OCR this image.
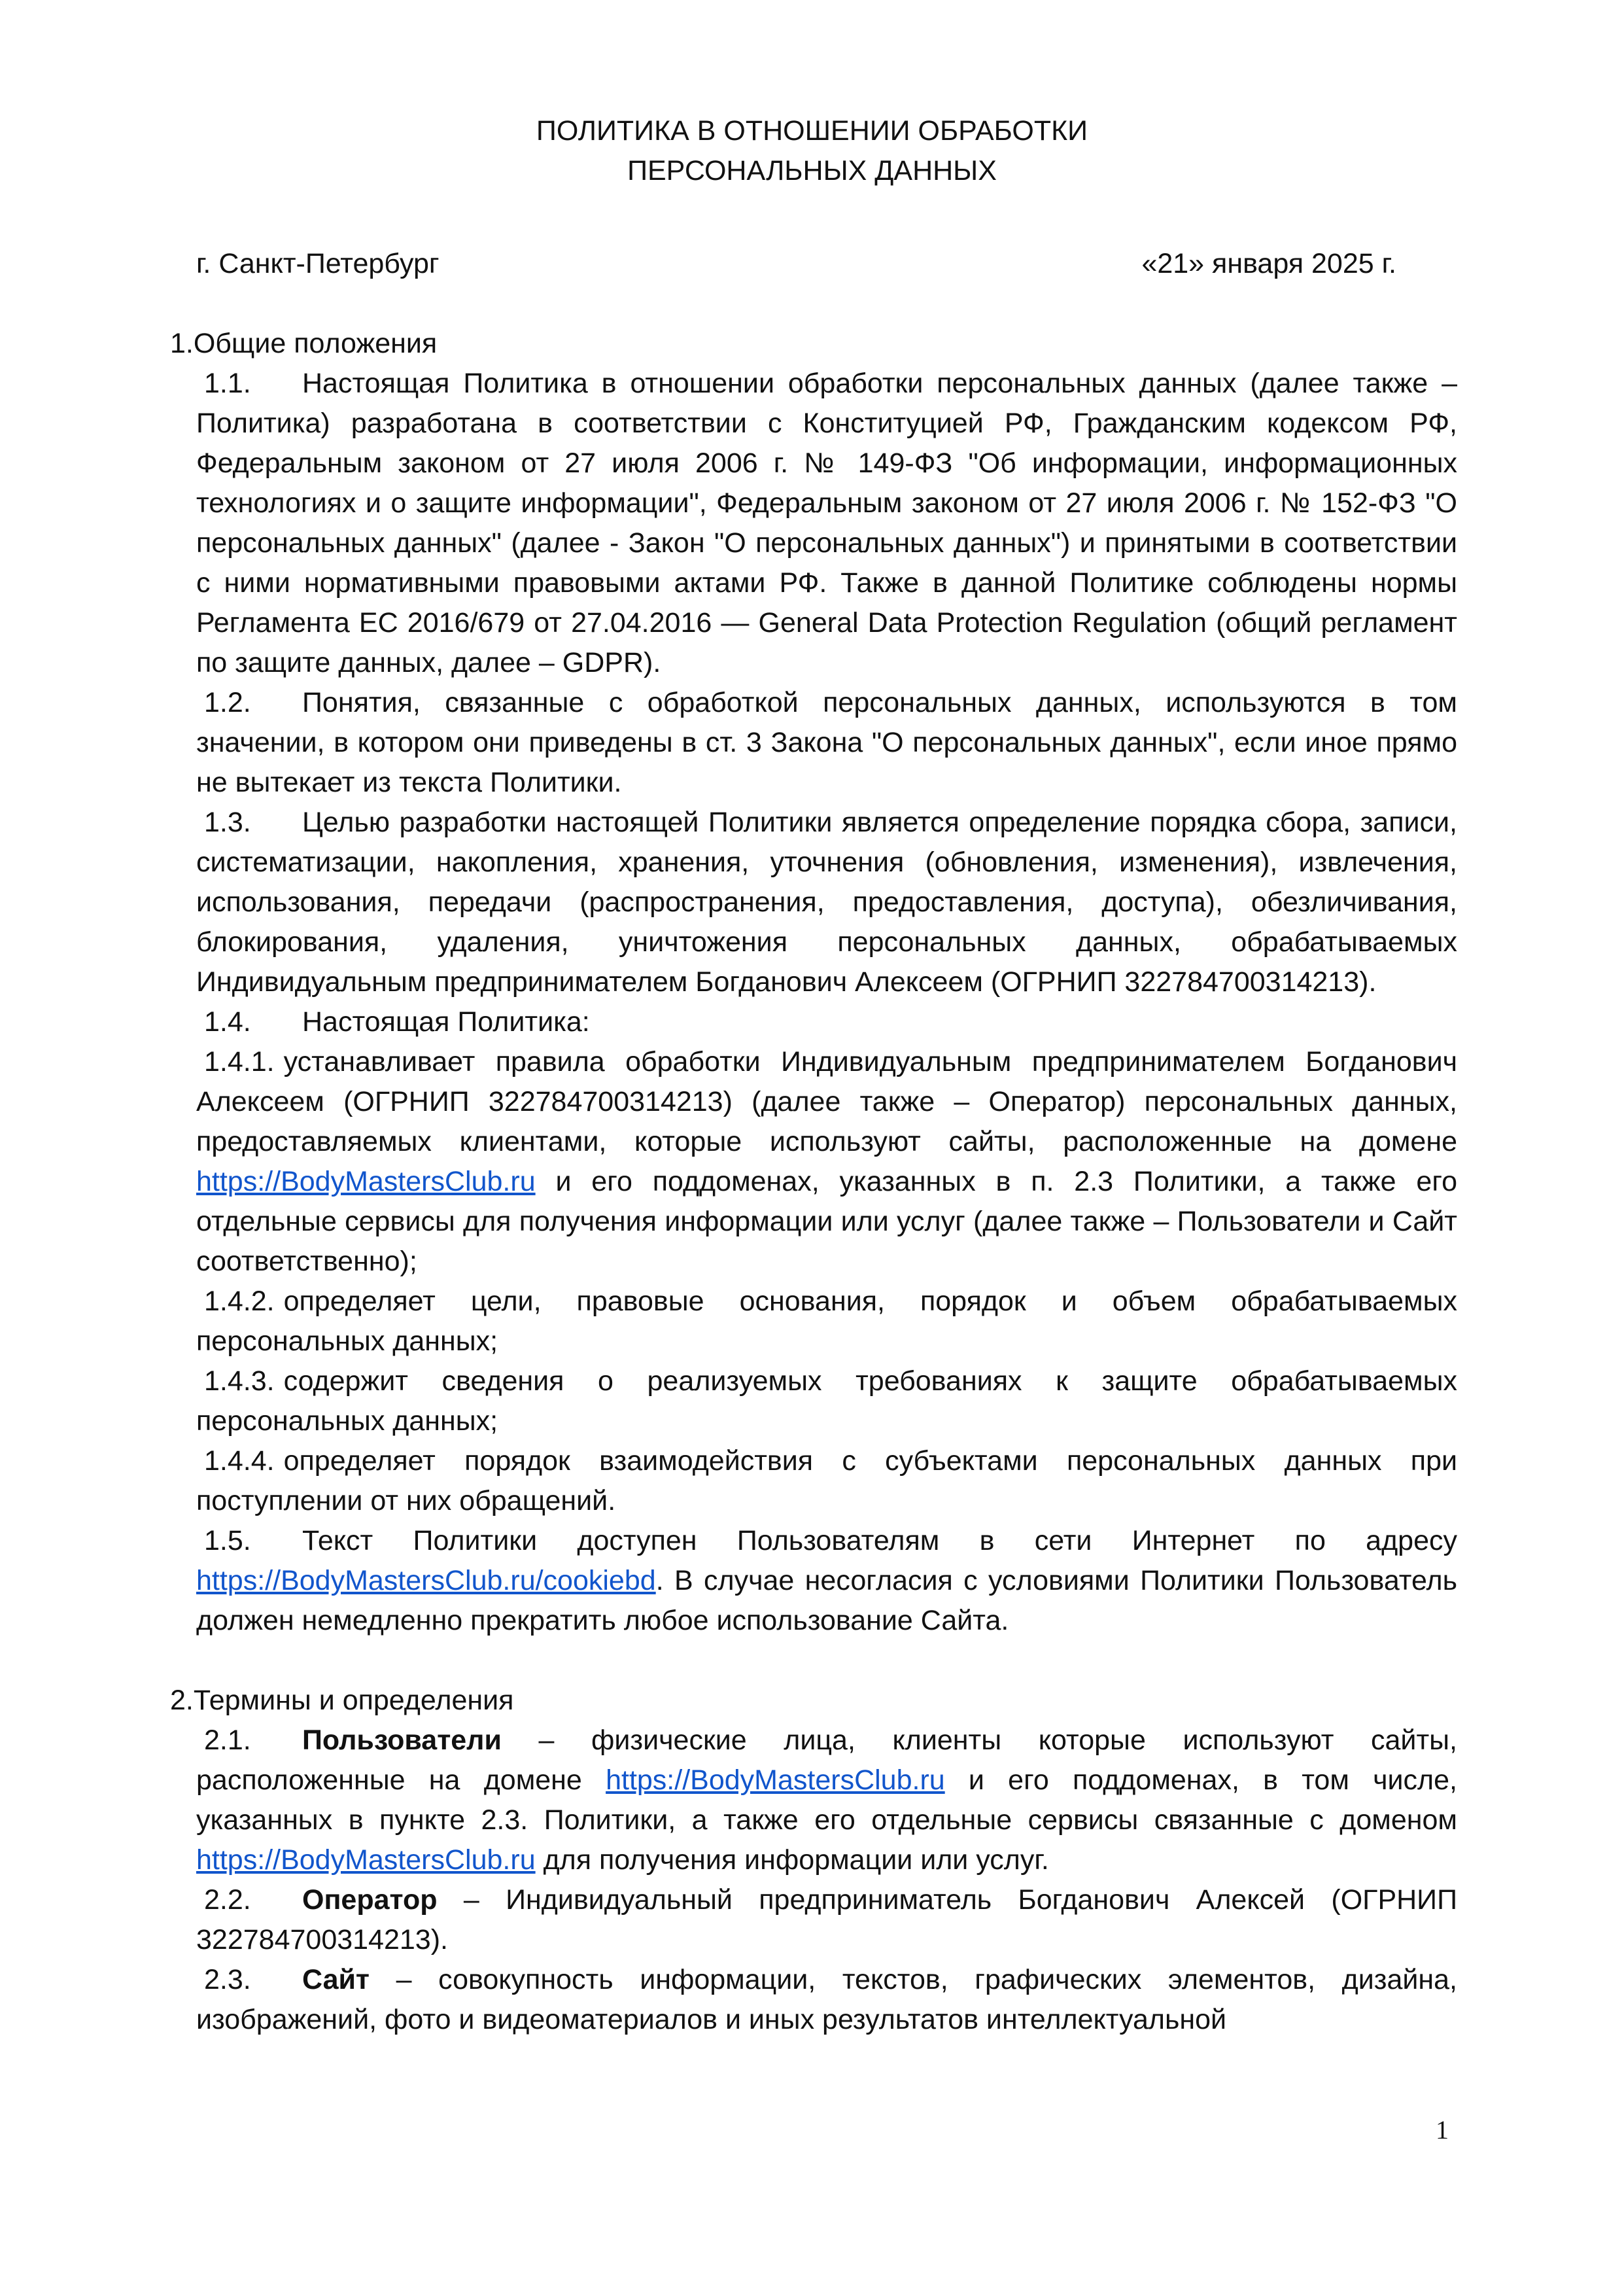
ПОЛИТИКА В ОТНОШЕНИИ ОБРАБОТКИ
ПЕРСОНАЛЬНЫХ ДАННЫХ
г. Санкт-Петербург	«21» января 2025 г.
1.Общие положения
1.1. Настоящая Политика в отношении обработки персональных данных (далее также – Политика) разработана в соответствии с Конституцией РФ, Гражданским кодексом РФ, Федеральным законом от 27 июля 2006 г. № 149-ФЗ "Об информации, информационных технологиях и о защите информации", Федеральным законом от 27 июля 2006 г. № 152-ФЗ "О персональных данных" (далее - Закон "О персональных данных") и принятыми в соответствии с ними нормативными правовыми актами РФ. Также в данной Политике соблюдены нормы Регламента ЕС 2016/679 от 27.04.2016 — General Data Protection Regulation (общий регламент по защите данных, далее – GDPR).
1.2. Понятия, связанные с обработкой персональных данных, используются в том значении, в котором они приведены в ст. 3 Закона "О персональных данных", если иное прямо не вытекает из текста Политики.
1.3. Целью разработки настоящей Политики является определение порядка сбора, записи, систематизации, накопления, хранения, уточнения (обновления, изменения), извлечения, использования, передачи (распространения, предоставления, доступа), обезличивания, блокирования, удаления, уничтожения персональных данных, обрабатываемых Индивидуальным предпринимателем Богданович Алексеем (ОГРНИП 322784700314213).
1.4. Настоящая Политика:
1.4.1. устанавливает правила обработки Индивидуальным предпринимателем Богданович Алексеем (ОГРНИП 322784700314213) (далее также – Оператор) персональных данных, предоставляемых клиентами, которые используют сайты, расположенные на домене https://BodyMastersClub.ru и его поддоменах, указанных в п. 2.3 Политики, а также его отдельные сервисы для получения информации или услуг (далее также – Пользователи и Сайт соответственно);
1.4.2. определяет цели, правовые основания, порядок и объем обрабатываемых персональных данных;
1.4.3. содержит сведения о реализуемых требованиях к защите обрабатываемых персональных данных;
1.4.4. определяет порядок взаимодействия с субъектами персональных данных при поступлении от них обращений.
1.5. Текст Политики доступен Пользователям в сети Интернет по адресу https://BodyMastersClub.ru/cookiebd. В случае несогласия с условиями Политики Пользователь должен немедленно прекратить любое использование Сайта.
2.Термины и определения
2.1. Пользователи – физические лица, клиенты которые используют сайты, расположенные на домене https://BodyMastersClub.ru и его поддоменах, в том числе, указанных в пункте 2.3. Политики, а также его отдельные сервисы связанные с доменом https://BodyMastersClub.ru для получения информации или услуг.
2.2. Оператор – Индивидуальный предприниматель Богданович Алексей (ОГРНИП 322784700314213).
2.3. Сайт – совокупность информации, текстов, графических элементов, дизайна, изображений, фото и видеоматериалов и иных результатов интеллектуальной
1
